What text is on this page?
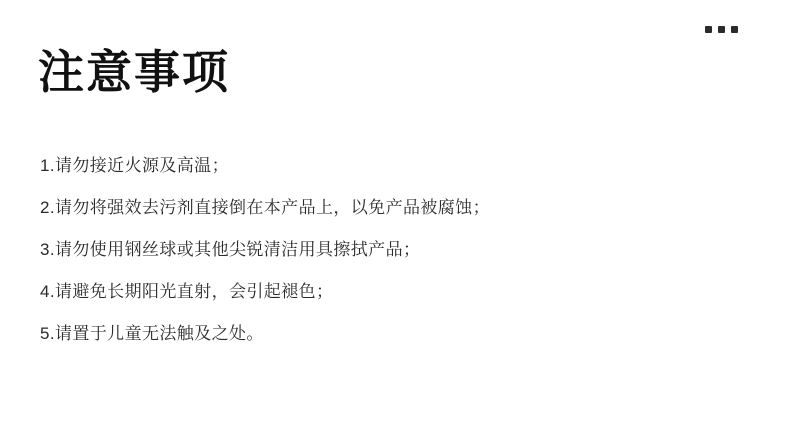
注意事项
1.请勿接近火源及高温；
2.请勿将强效去污剂直接倒在本产品上，以免产品被腐蚀；
3.请勿使用钢丝球或其他尖锐清洁用具擦拭产品；
4.请避免长期阳光直射，会引起褪色；
5.请置于儿童无法触及之处。
